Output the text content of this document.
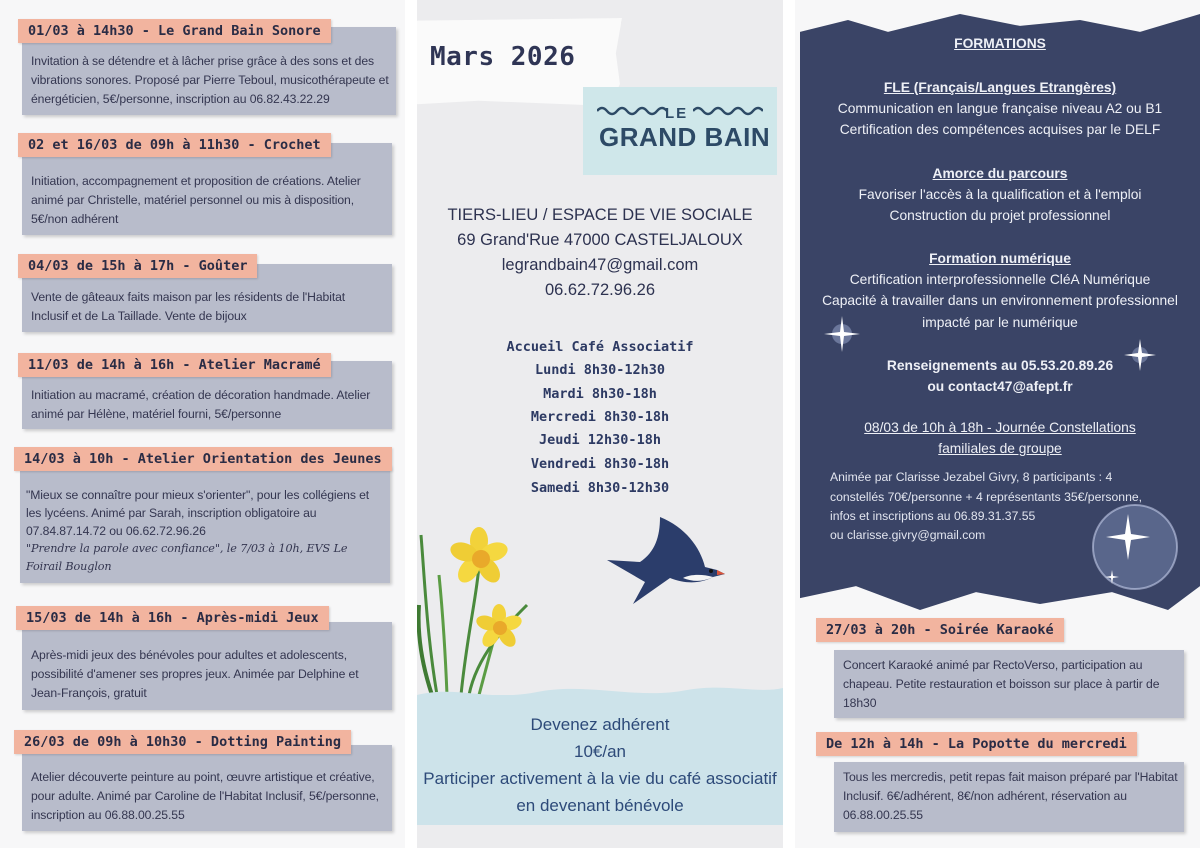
01/03 à 14h30 - Le Grand Bain Sonore
Invitation à se détendre et à lâcher prise grâce à des sons et des vibrations sonores. Proposé par Pierre Teboul, musicothérapeute et énergéticien, 5€/personne, inscription au 06.82.43.22.29
02 et 16/03 de 09h à 11h30 - Crochet
Initiation, accompagnement et proposition de créations. Atelier animé par Christelle, matériel personnel ou mis à disposition, 5€/non adhérent
04/03 de 15h à 17h - Goûter
Vente de gâteaux faits maison par les résidents de l'Habitat Inclusif et de La Taillade. Vente de bijoux
11/03 de 14h à 16h - Atelier Macramé
Initiation au macramé, création de décoration handmade. Atelier animé par Hélène, matériel fourni, 5€/personne
14/03 à 10h - Atelier Orientation des Jeunes
"Mieux se connaître pour mieux s'orienter", pour les collégiens et les lycéens. Animé par Sarah, inscription obligatoire au 07.84.87.14.72 ou 06.62.72.96.26
"Prendre la parole avec confiance", le 7/03 à 10h, EVS Le Foirail Bouglon
15/03 de 14h à 16h - Après-midi Jeux
Après-midi jeux des bénévoles pour adultes et adolescents, possibilité d'amener ses propres jeux. Animée par Delphine et Jean-François, gratuit
26/03 de 09h à 10h30 - Dotting Painting
Atelier découverte peinture au point, œuvre artistique et créative, pour adulte. Animé par Caroline de l'Habitat Inclusif, 5€/personne, inscription au 06.88.00.25.55
Mars 2026
LE
GRAND BAIN
TIERS-LIEU / ESPACE DE VIE SOCIALE
69 Grand'Rue 47000 CASTELJALOUX
legrandbain47@gmail.com
06.62.72.96.26
Accueil Café Associatif
Lundi 8h30-12h30
Mardi 8h30-18h
Mercredi 8h30-18h
Jeudi 12h30-18h
Vendredi 8h30-18h
Samedi 8h30-12h30
Devenez adhérent
10€/an
Participer activement à la vie du café associatif
en devenant bénévole
FORMATIONS
FLE (Français/Langues Etrangères)
Communication en langue française niveau A2 ou B1
Certification des compétences acquises par le DELF
Amorce du parcours
Favoriser l'accès à la qualification et à l'emploi
Construction du projet professionnel
Formation numérique
Certification interprofessionnelle CléA Numérique
Capacité à travailler dans un environnement professionnel
impacté par le numérique
Renseignements au 05.53.20.89.26
ou contact47@afept.fr
08/03 de 10h à 18h - Journée Constellations
familiales de groupe
Animée par Clarisse Jezabel Givry, 8 participants : 4 constellés 70€/personne + 4 représentants 35€/personne, infos et inscriptions au 06.89.31.37.55
ou clarisse.givry@gmail.com
27/03 à 20h - Soirée Karaoké
Concert Karaoké animé par RectoVerso, participation au chapeau. Petite restauration et boisson sur place à partir de 18h30
De 12h à 14h - La Popotte du mercredi
Tous les mercredis, petit repas fait maison préparé par l'Habitat Inclusif. 6€/adhérent, 8€/non adhérent, réservation au 06.88.00.25.55
